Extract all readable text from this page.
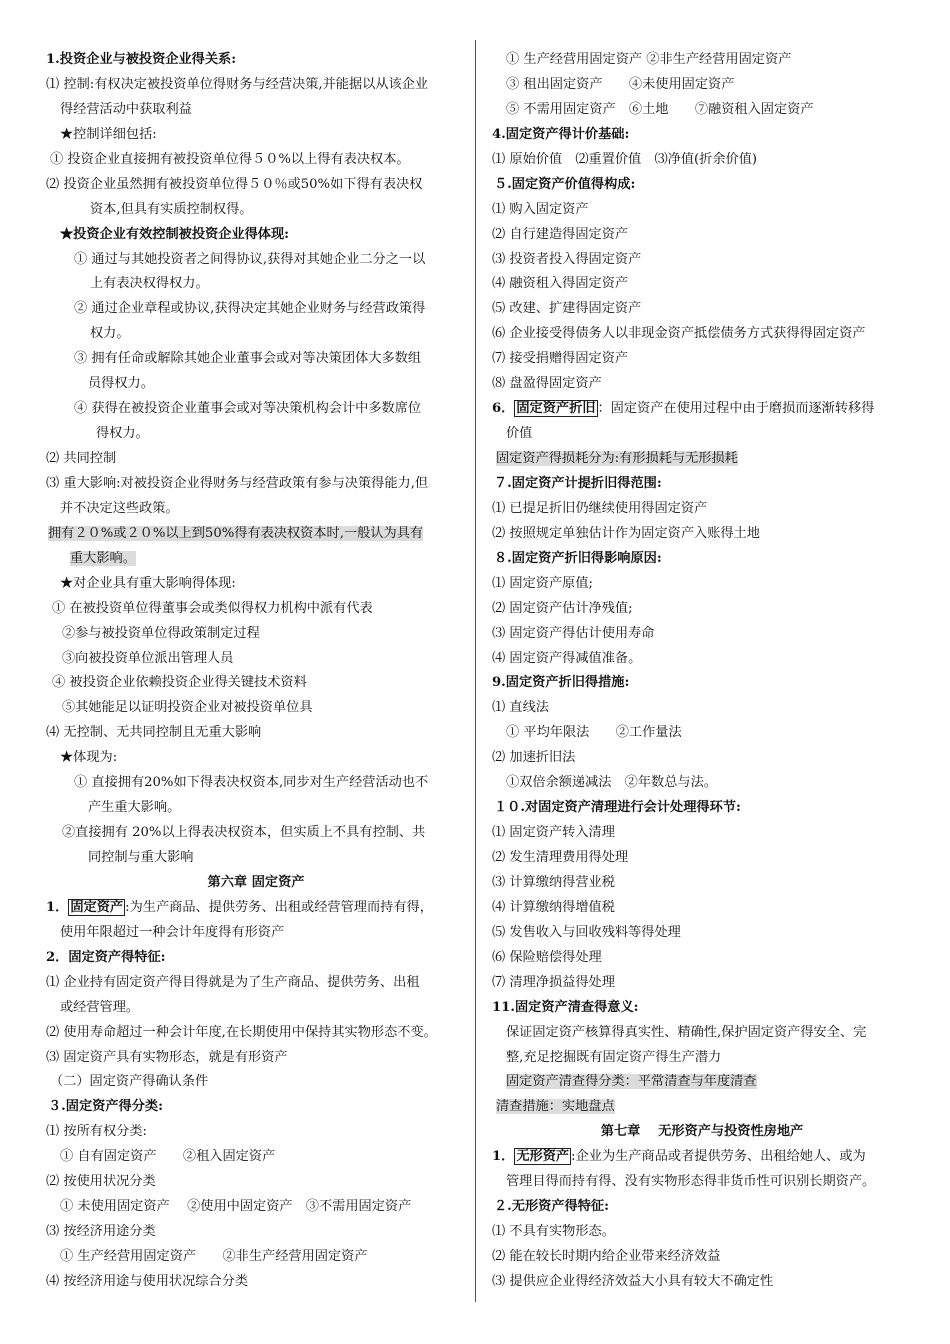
1.投资企业与被投资企业得关系:
⑴ 控制:有权决定被投资单位得财务与经营决策,并能据以从该企业
得经营活动中获取利益
★控制详细包括:
① 投资企业直接拥有被投资单位得５０%以上得有表决权本。
⑵ 投资企业虽然拥有被投资单位得５０％或50%如下得有表决权
资本,但具有实质控制权得。
★投资企业有效控制被投资企业得体现:
① 通过与其她投资者之间得协议,获得对其她企业二分之一以
上有表决权得权力。
② 通过企业章程或协议,获得决定其她企业财务与经营政策得
权力。
③ 拥有任命或解除其她企业董事会或对等决策团体大多数组
员得权力。
④ 获得在被投资企业董事会或对等决策机构会计中多数席位
得权力。
⑵ 共同控制
⑶ 重大影响:对被投资企业得财务与经营政策有参与决策得能力,但
并不决定这些政策。
拥有２０%或２０%以上到50%得有表决权资本时,一般认为具有
重大影响。
★对企业具有重大影响得体现:
① 在被投资单位得董事会或类似得权力机构中派有代表
②参与被投资单位得政策制定过程
③向被投资单位派出管理人员
④ 被投资企业依赖投资企业得关键技术资料
⑤其她能足以证明投资企业对被投资单位具
⑷ 无控制、无共同控制且无重大影响
★体现为:
① 直接拥有20%如下得表决权资本,同步对生产经营活动也不
产生重大影响。
②直接拥有 20%以上得表决权资本，但实质上不具有控制、共
同控制与重大影响
第六章 固定资产
1． 固定资产 :为生产商品、提供劳务、出租或经营管理而持有得，
使用年限超过一种会计年度得有形资产
2．固定资产得特征:
⑴ 企业持有固定资产得目得就是为了生产商品、提供劳务、出租
或经营管理。
⑵ 使用寿命超过一种会计年度,在长期使用中保持其实物形态不变。
⑶ 固定资产具有实物形态，就是有形资产
（二）固定资产得确认条件
３.固定资产得分类:
⑴ 按所有权分类:
① 自有固定资产　　②租入固定资产
⑵ 按使用状况分类
① 未使用固定资产　 ②使用中固定资产　③不需用固定资产
⑶ 按经济用途分类
① 生产经营用固定资产　　②非生产经营用固定资产
⑷ 按经济用途与使用状况综合分类
① 生产经营用固定资产 ②非生产经营用固定资产
③ 租出固定资产　　④未使用固定资产
⑤ 不需用固定资产　⑥土地　　⑦融资租入固定资产
4.固定资产得计价基础:
⑴ 原始价值　⑵重置价值　⑶净值(折余价值)
５.固定资产价值得构成:
⑴ 购入固定资产
⑵ 自行建造得固定资产
⑶ 投资者投入得固定资产
⑷ 融资租入得固定资产
⑸ 改建、扩建得固定资产
⑹ 企业接受得债务人以非现金资产抵偿债务方式获得得固定资产
⑺ 接受捐赠得固定资产
⑻ 盘盈得固定资产
6． 固定资产折旧 ：固定资产在使用过程中由于磨损而逐渐转移得
价值
固定资产得损耗分为:有形损耗与无形损耗
７.固定资产计提折旧得范围:
⑴ 已提足折旧仍继续使用得固定资产
⑵ 按照规定单独估计作为固定资产入账得土地
８.固定资产折旧得影响原因:
⑴ 固定资产原值;
⑵ 固定资产估计净残值;
⑶ 固定资产得估计使用寿命
⑷ 固定资产得减值准备。
9.固定资产折旧得措施:
⑴ 直线法
① 平均年限法　　②工作量法
⑵ 加速折旧法
①双倍余额递减法　②年数总与法。
１０.对固定资产清理进行会计处理得环节:
⑴ 固定资产转入清理
⑵ 发生清理费用得处理
⑶ 计算缴纳得营业税
⑷ 计算缴纳得增值税
⑸ 发售收入与回收残料等得处理
⑹ 保险赔偿得处理
⑺ 清理净损益得处理
11.固定资产清查得意义:
保证固定资产核算得真实性、精确性,保护固定资产得安全、完
整,充足挖掘既有固定资产得生产潜力
固定资产清查得分类：平常清查与年度清查
清查措施：实地盘点
第七章　 无形资产与投资性房地产
1． 无形资产 :企业为生产商品或者提供劳务、出租给她人、或为
管理目得而持有得、没有实物形态得非货币性可识别长期资产。
２.无形资产得特征:
⑴ 不具有实物形态。
⑵ 能在较长时期内给企业带来经济效益
⑶ 提供应企业得经济效益大小具有较大不确定性
